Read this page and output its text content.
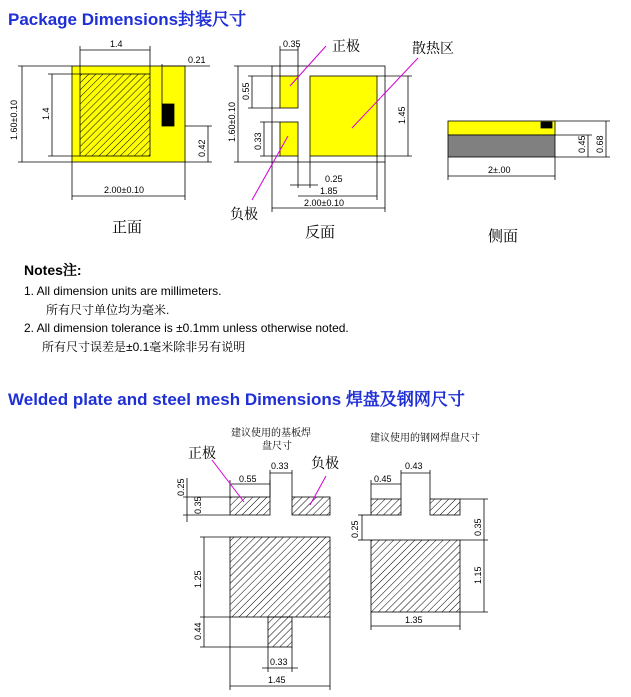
Package Dimensions封装尺寸
1.4
0.21
1.60±0.10 1.4
0.42
2.00±0.10
正面
0.35 正极	散热区
负极
1.60±0.10
0.55
0.33
1.45
0.25
1.85
2.00±0.10
反面
0.45 0.68
2±.00
侧面
建议使用的基板焊
盘尺寸
正极
负极
0.55
0.33
0.25
0.35
1.25
0.44
0.33
1.45
建议使用的钢网焊盘尺寸
0.43
0.45
0.25	0.35
1.15
1.35
Notes注:
1. All dimension units are millimeters.
所有尺寸单位均为毫米.
2. All dimension tolerance is ±0.1mm unless otherwise noted.
所有尺寸误差是±0.1毫米除非另有说明
Welded plate and steel mesh Dimensions 焊盘及钢网尺寸
